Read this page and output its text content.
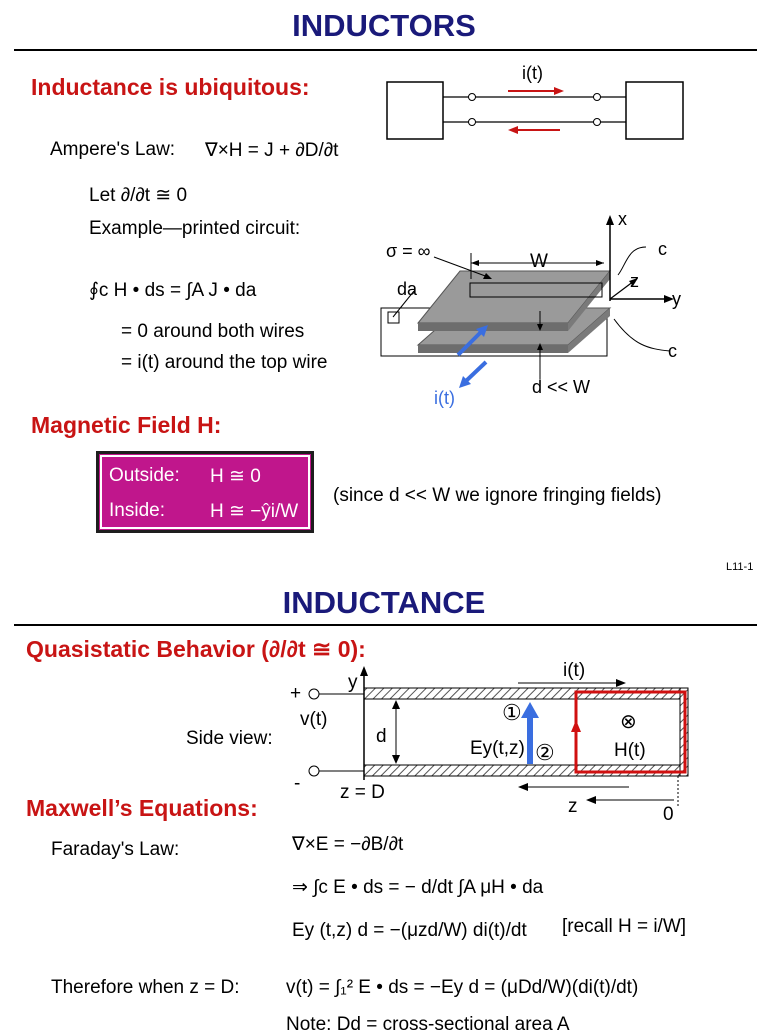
INDUCTORS
Inductance is ubiquitous:
i(t)
Ampere's Law: ∇×H = J + ∂D/∂t
Let ∂/∂t ≅ 0
Example—printed circuit:
∮c H • ds = ∫A J • da
= 0 around both wires
= i(t) around the top wire
σ = ∞	W
da
x
y
z
c
c
d << W
i(t)
Magnetic Field H:
Outside: H ≅ 0
Inside: H ≅ −ŷi/W
(since d << W we ignore fringing fields)
L11-1
INDUCTANCE
Quasistatic Behavior (∂/∂t ≅ 0):
Side view:
+
-
v(t)
y
d
i(t)
①
②
Ey(t,z)
⊗
H(t)
z = D
z	0
Maxwell’s Equations:
Faraday's Law:	∇×E = −∂B/∂t
⇒ ∫c E • ds = − d/dt ∫A μH • da
Ey (t,z) d = −(μzd/W) di(t)/dt [recall H = i/W]
Therefore when z = D: v(t) = ∫₁² E • ds = −Ey d = (μDd/W)(di(t)/dt)
Note: Dd = cross-sectional area A
